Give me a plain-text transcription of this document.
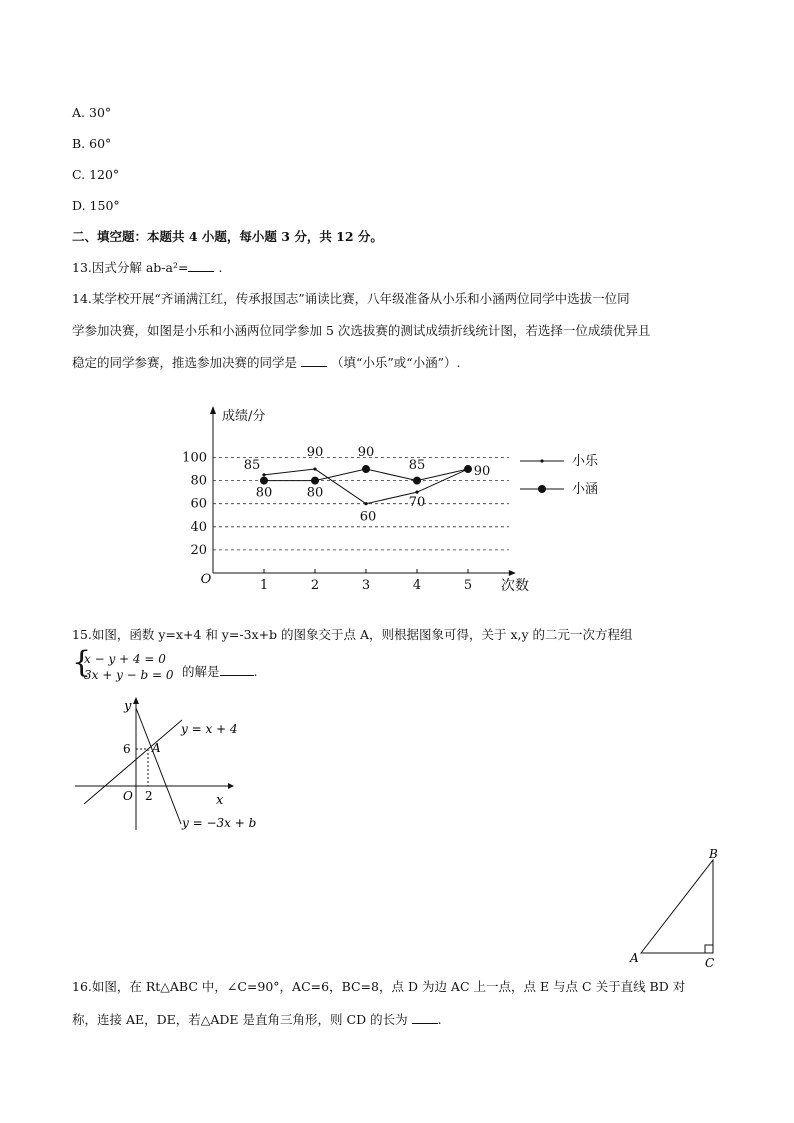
A. 30°
B. 60°
C. 120°
D. 150°
二、填空题：本题共 4 小题，每小题 3 分，共 12 分。
13.因式分解 ab-a²= .
14.某学校开展“齐诵满江红，传承报国志”诵读比赛，八年级准备从小乐和小涵两位同学中选拔一位同
学参加决赛，如图是小乐和小涵两位同学参加 5 次选拔赛的测试成绩折线统计图，若选择一位成绩优异且
稳定的同学参赛，推选参加决赛的同学是	（填“小乐”或“小涵”）.
20
40
60
80
100
1	2	3	4	5
O
成绩/分
次数
85
90	90
85	90
80	80
60
70
小乐
小涵
15.如图，函数 y=x+4 和 y=-3x+b 的图象交于点 A，则根据图象可得，关于 x,y 的二元一次方程组
{
x − y + 4 = 0
3x + y − b = 0 的解是	.
y
x
O 2
6 A
y = x + 4
y = −3x + b
A
B
C
16.如图，在 Rt△ABC 中，∠C=90°，AC=6，BC=8，点 D 为边 AC 上一点，点 E 与点 C 关于直线 BD 对
称，连接 AE，DE，若△ADE 是直角三角形，则 CD 的长为 .
